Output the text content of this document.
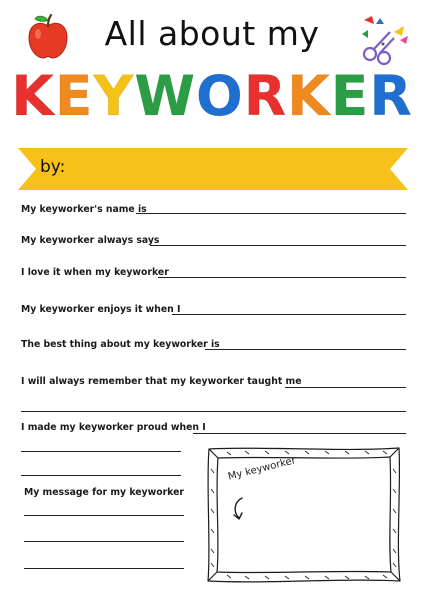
All about my
KEYWORKER
by:
My keyworker's name is
My keyworker always says
I love it when my keyworker
My keyworker enjoys it when I
The best thing about my keyworker is
I will always remember that my keyworker taught me
I made my keyworker proud when I
My message for my keyworker
My keyworker
